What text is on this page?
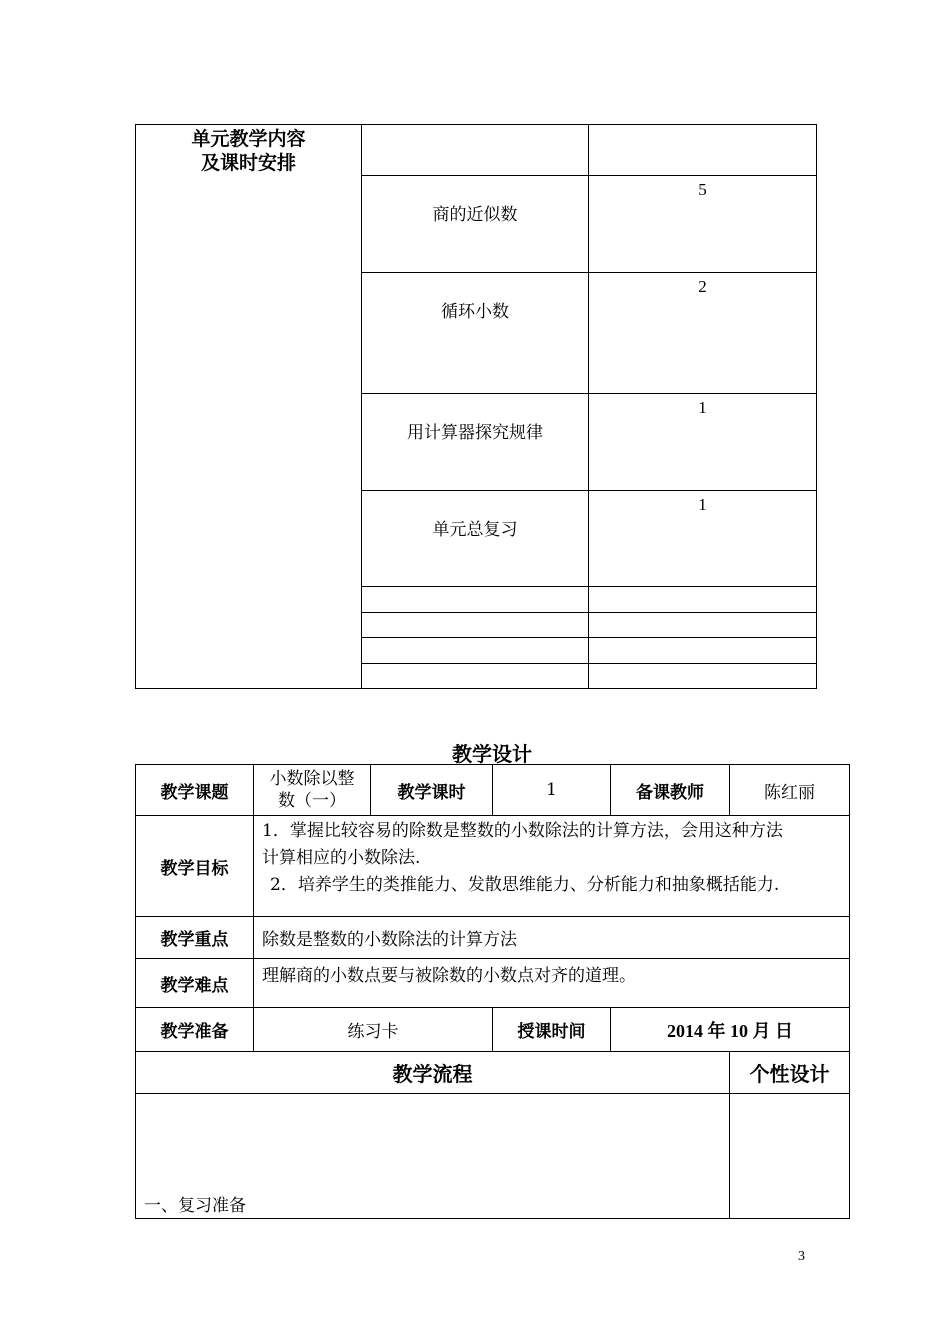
单元教学内容
及课时安排		

	商的近似数	5

	循环小数	2

	用计算器探究规律	1

	单元总复习	1

教学设计
教学课题	小数除以整
数（一）	教学课时	1	备课教师	陈红丽
教学目标	1．掌握比较容易的除数是整数的小数除法的计算方法，会用这种方法
计算相应的小数除法.
2．培养学生的类推能力、发散思维能力、分析能力和抽象概括能力.				

教学重点	除数是整数的小数除法的计算方法				
教学难点	理解商的小数点要与被除数的小数点对齐的道理。				
教学准备	练习卡		授课时间	2014 年 10 月 日	
教学流程					个性设计
一、复习准备					
3
